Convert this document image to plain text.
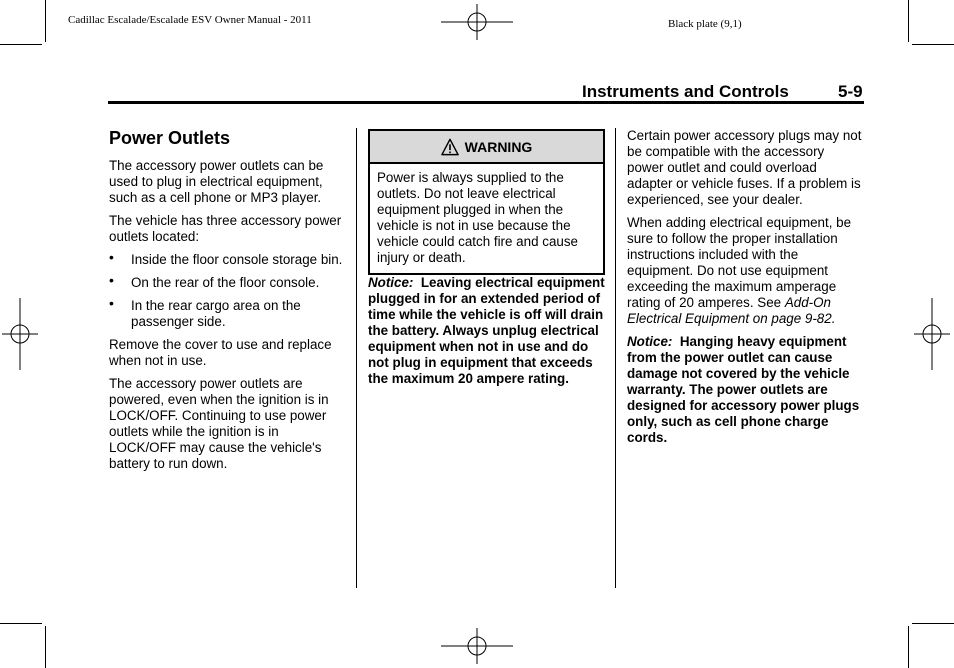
Cadillac Escalade/Escalade ESV Owner Manual - 2011	Black plate (9,1)
Instruments and Controls	5-9
Power Outlets

The accessory power outlets can be used to plug in electrical equipment, such as a cell phone or MP3 player.

The vehicle has three accessory power outlets located:

• Inside the floor console storage bin.
• On the rear of the floor console.
• In the rear cargo area on the passenger side.

Remove the cover to use and replace when not in use.

The accessory power outlets are powered, even when the ignition is in LOCK/OFF. Continuing to use power outlets while the ignition is in LOCK/OFF may cause the vehicle's battery to run down.

WARNING
Power is always supplied to the outlets. Do not leave electrical equipment plugged in when the vehicle is not in use because the vehicle could catch fire and cause injury or death.

Notice: Leaving electrical equipment plugged in for an extended period of time while the vehicle is off will drain the battery. Always unplug electrical equipment when not in use and do not plug in equipment that exceeds the maximum 20 ampere rating.

Certain power accessory plugs may not be compatible with the accessory power outlet and could overload adapter or vehicle fuses. If a problem is experienced, see your dealer.

When adding electrical equipment, be sure to follow the proper installation instructions included with the equipment. Do not use equipment exceeding the maximum amperage rating of 20 amperes. See Add-On Electrical Equipment on page 9-82.

Notice: Hanging heavy equipment from the power outlet can cause damage not covered by the vehicle warranty. The power outlets are designed for accessory power plugs only, such as cell phone charge cords.
